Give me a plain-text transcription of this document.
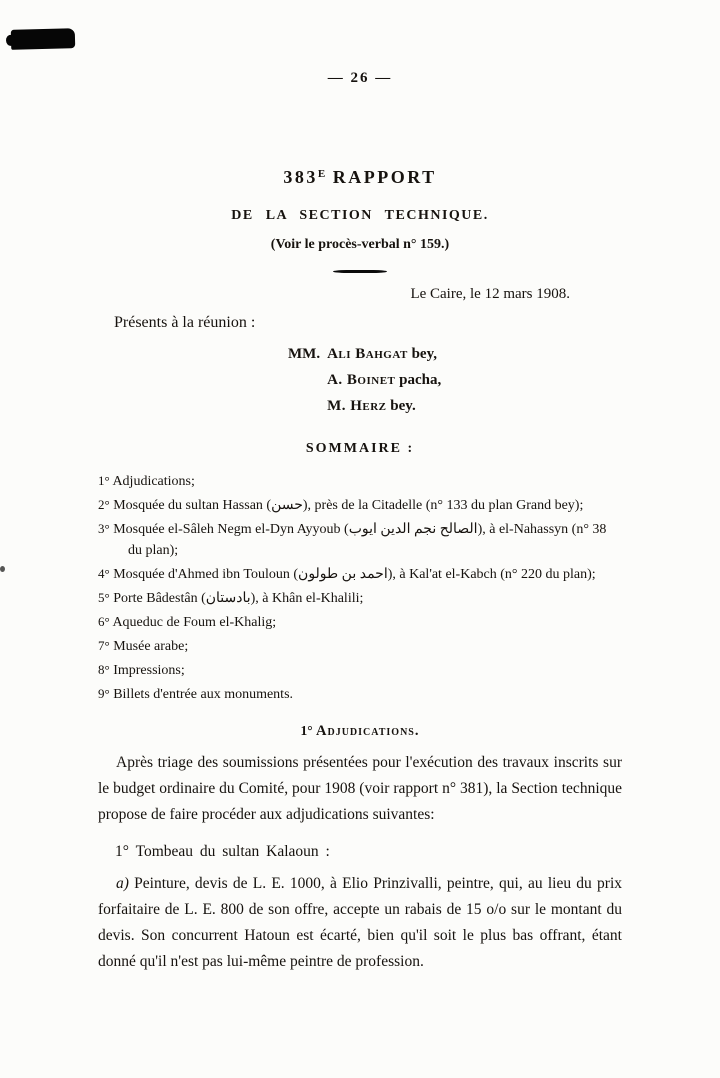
— 26 —
$383^E$ RAPPORT
DE LA SECTION TECHNIQUE.
(Voir le procès-verbal n° 159.)
Le Caire, le 12 mars 1908.
Présents à la réunion :
MM. Ali Bahgat bey,
A. Boinet pacha,
M. Herz bey.
SOMMAIRE :
1° Adjudications;
2° Mosquée du sultan Hassan (حسن), près de la Citadelle (n° 133 du plan Grand bey);
3° Mosquée el-Sâleh Negm el-Dyn Ayyoub (الصالح نجم الدين ايوب), à el-Nahassyn (n° 38 du plan);
4° Mosquée d'Ahmed ibn Touloun (احمد بن طولون), à Kal'at el-Kabch (n° 220 du plan);
5° Porte Bâdestân (بادستان), à Khân el-Khalili;
6° Aqueduc de Foum el-Khalig;
7° Musée arabe;
8° Impressions;
9° Billets d'entrée aux monuments.
1° Adjudications.

Après triage des soumissions présentées pour l'exécution des travaux inscrits sur le budget ordinaire du Comité, pour 1908 (voir rapport n° 381), la Section technique propose de faire procéder aux adjudications suivantes:

1° Tombeau du sultan Kalaoun :

a) Peinture, devis de L. E. 1000, à Elio Prinzivalli, peintre, qui, au lieu du prix forfaitaire de L. E. 800 de son offre, accepte un rabais de 15 o/o sur le montant du devis. Son concurrent Hatoun est écarté, bien qu'il soit le plus bas offrant, étant donné qu'il n'est pas lui-même peintre de profession.
